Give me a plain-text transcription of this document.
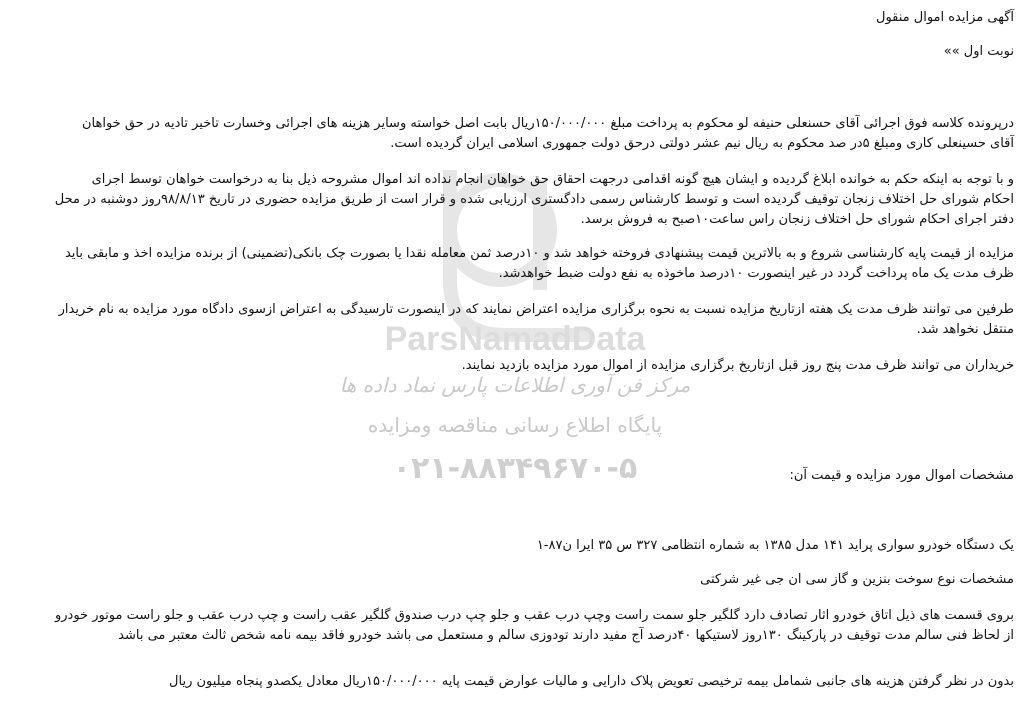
ParsNamadData
مرکز فن آوری اطلاعات پارس نماد داده ها
پایگاه اطلاع رسانی مناقصه ومزایده
۰۲۱-۸۸۳۴۹۶۷۰-۵
آگهی مزایده اموال منقول
نوبت اول »»
درپرونده کلاسه فوق اجرائی آقای حسنعلی حنیفه لو محکوم به پرداخت مبلغ ۱۵۰/۰۰۰/۰۰۰ریال بابت اصل خواسته وسایر هزینه های اجرائی وخسارت تاخیر تادیه در حق خواهان
آقای حسینعلی کاری ومبلغ ۵در صد محکوم به ریال نیم عشر دولتی درحق دولت جمهوری اسلامی ایران گردیده است.
و با توجه به اینکه حکم به خوانده ابلاغ گردیده و ایشان هیچ گونه اقدامی درجهت احقاق حق خواهان انجام نداده اند اموال مشروحه ذیل بنا به درخواست خواهان توسط اجرای
احکام شورای حل اختلاف زنجان توقیف گردیده است و توسط کارشناس رسمی دادگستری ارزیابی شده و قرار است از طریق مزایده حضوری در تاریخ ۹۸/۸/۱۳روز دوشنبه در محل
دفتر اجرای احکام شورای حل اختلاف زنجان راس ساعت۱۰صبح به فروش برسد.
مزایده از قیمت پایه کارشناسی شروع و به بالاترین قیمت پیشنهادی فروخته خواهد شد و ۱۰درصد ثمن معامله نقدا یا بصورت چک بانکی(تضمینی) از برنده مزایده اخذ و مابقی باید
ظرف مدت یک ماه پرداخت گردد در غیر اینصورت ۱۰درصد ماخوذه به نفع دولت ضبط خواهدشد.
طرفین می توانند ظرف مدت یک هفته ازتاریخ مزایده نسبت به نحوه برگزاری مزایده اعتراض نمایند که در اینصورت تارسیدگی به اعتراض ازسوی دادگاه مورد مزایده به نام خریدار
منتقل نخواهد شد.
خریداران می توانند ظرف مدت پنج روز قبل ازتاریخ برگزاری مزایده از اموال مورد مزایده بازدید نمایند.
مشخصات اموال مورد مزایده و قیمت آن:
یک دستگاه خودرو سواری پراید ۱۴۱ مدل ۱۳۸۵ به شماره انتظامی ۳۲۷ س ۳۵ ایرا ن۸۷-۱
مشخصات نوع سوخت بنزین و گاز سی ان جی غیر شرکتی
بروی قسمت های ذیل اتاق خودرو اثار تصادف دارد گلگیر جلو سمت راست وچپ درب عقب و جلو چپ درب صندوق گلگیر عقب راست و چپ درب عقب و جلو راست موتور خودرو
از لحاظ فنی سالم مدت توقیف در پارکینگ ۱۳۰روز لاستیکها ۴۰درصد آج مفید دارند تودوزی سالم و مستعمل می باشد خودرو فاقد بیمه نامه شخص ثالث معتبر می باشد
بدون در نظر گرفتن هزینه های جانبی شمامل بیمه ترخیصی تعویض پلاک دارایی و مالیات عوارض قیمت پایه ۱۵۰/۰۰۰/۰۰۰ریال معادل یکصدو پنجاه میلیون ریال
